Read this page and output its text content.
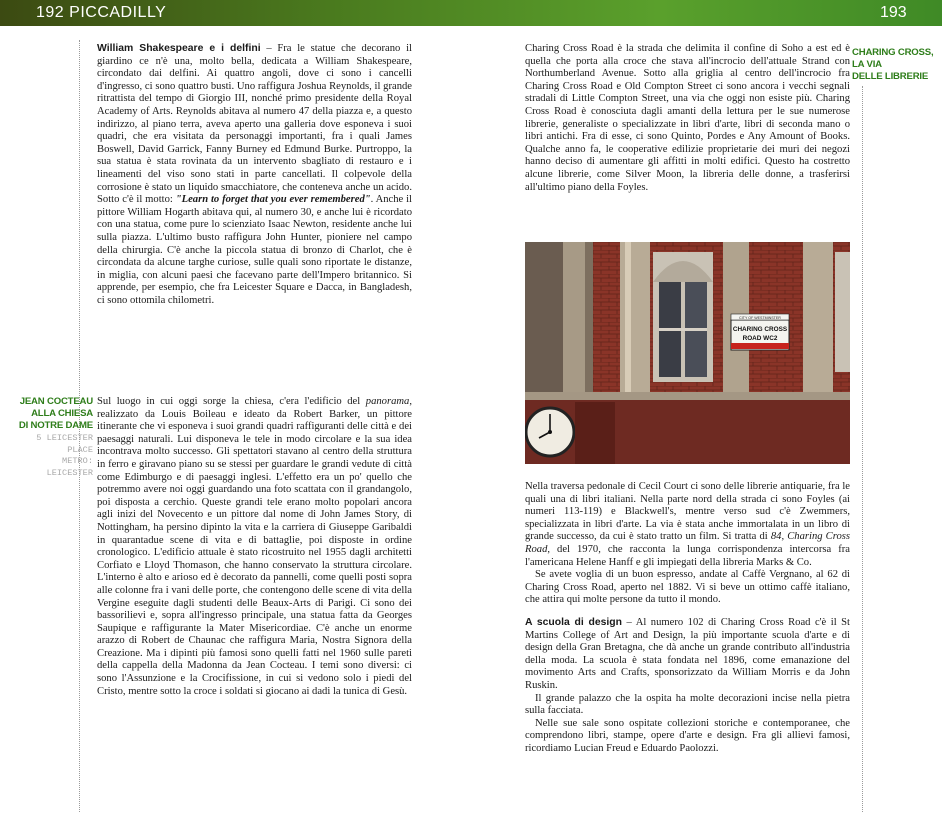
192 PICCADILLY	193

William Shakespeare e i delfini – Fra le statue che decorano il giardino ce n'è una, molto bella, dedicata a William Shakespeare, circondato dai delfini. Ai quattro angoli, dove ci sono i cancelli d'ingresso, ci sono quattro busti. Uno raffigura Joshua Reynolds, il grande ritrattista del tempo di Giorgio III, nonché primo presidente della Royal Academy of Arts. Reynolds abitava al numero 47 della piazza e, a questo indirizzo, al piano terra, aveva aperto una galleria dove esponeva i suoi quadri, che era visitata da personaggi importanti, fra i quali James Boswell, David Garrick, Fanny Burney ed Edmund Burke. Purtroppo, la sua statua è stata rovinata da un intervento sbagliato di restauro e i lineamenti del viso sono stati in parte cancellati. Il colpevole della corrosione è stato un liquido smacchiatore, che conteneva anche un acido. Sotto c'è il motto: "Learn to forget that you ever remembered". Anche il pittore William Hogarth abitava qui, al numero 30, e anche lui è ricordato con una statua, come pure lo scienziato Isaac Newton, residente anche lui sulla piazza. L'ultimo busto raffigura John Hunter, pioniere nel campo della chirurgia. C'è anche la piccola statua di bronzo di Charlot, che è circondata da alcune targhe curiose, sulle quali sono riportate le distanze, in miglia, con alcuni paesi che facevano parte dell'Impero britannico. Si apprende, per esempio, che fra Leicester Square e Dacca, in Bangladesh, ci sono ottomila chilometri.

JEAN COCTEAU
ALLA CHIESA
DI NOTRE DAME
5 LEICESTER
PLACE
METRO:
LEICESTER

Sul luogo in cui oggi sorge la chiesa, c'era l'edificio del panorama, realizzato da Louis Boileau e ideato da Robert Barker, un pittore itinerante che vi esponeva i suoi grandi quadri raffiguranti delle città e dei paesaggi naturali. Lui disponeva le tele in modo circolare e la sua idea incontrava molto successo. Gli spettatori stavano al centro della struttura in ferro e giravano piano su se stessi per guardare le grandi vedute di città come Edimburgo e di paesaggi inglesi. L'effetto era un po' quello che potremmo avere noi oggi guardando una foto scattata con il grandangolo, poi disposta a cerchio. Queste grandi tele erano molto popolari ancora agli inizi del Novecento e un pittore dal nome di John James Story, di Nottingham, ha persino dipinto la vita e la carriera di Giuseppe Garibaldi in quarantadue scene di vita e di battaglie, poi disposte in ordine cronologico. L'edificio attuale è stato ricostruito nel 1955 dagli architetti Corfiato e Lloyd Thomason, che hanno conservato la struttura circolare. L'interno è alto e arioso ed è decorato da pannelli, come quelli posti sopra alle colonne fra i vani delle porte, che contengono delle scene di vita della Vergine eseguite dagli studenti delle Beaux-Arts di Parigi. Ci sono dei bassorilievi e, sopra all'ingresso principale, una statua fatta da Georges Saupique e raffigurante la Mater Misericordiae. C'è anche un enorme arazzo di Robert de Chaunac che raffigura Maria, Nostra Signora della Creazione. Ma i dipinti più famosi sono quelli fatti nel 1960 sulle pareti della cappella della Madonna da Jean Cocteau. I temi sono diversi: ci sono l'Assunzione e la Crocifissione, in cui si vedono solo i piedi del Cristo, mentre sotto la croce i soldati si giocano ai dadi la tunica di Gesù.

Charing Cross Road è la strada che delimita il confine di Soho a est ed è quella che porta alla croce che stava all'incrocio dell'attuale Strand con Northumberland Avenue. Sotto alla griglia al centro dell'incrocio fra Charing Cross Road e Old Compton Street ci sono ancora i vecchi segnali stradali di Little Compton Street, una via che oggi non esiste più. Charing Cross Road è conosciuta dagli amanti della lettura per le sue numerose librerie, generaliste o specializzate in libri d'arte, libri di seconda mano o libri antichi. Fra di esse, ci sono Quinto, Pordes e Any Amount of Books. Qualche anno fa, le cooperative edilizie proprietarie dei muri dei negozi hanno deciso di aumentare gli affitti in molti edifici. Questo ha costretto alcune librerie, come Silver Moon, la libreria delle donne, a trasferirsi all'ultimo piano della Foyles.

CHARING CROSS,
LA VIA
DELLE LIBRERIE
CITY OF WESTMINSTER
CHARING CROSS
ROAD WC2

Nella traversa pedonale di Cecil Court ci sono delle librerie antiquarie, fra le quali una di libri italiani. Nella parte nord della strada ci sono Foyles (ai numeri 113-119) e Blackwell's, mentre verso sud c'è Zwemmers, specializzata in libri d'arte. La via è stata anche immortalata in un libro di grande successo, da cui è stato tratto un film. Si tratta di 84, Charing Cross Road, del 1970, che racconta la lunga corrispondenza intercorsa fra l'americana Helene Hanff e gli impiegati della libreria Marks & Co.

Se avete voglia di un buon espresso, andate al Caffè Vergnano, al 62 di Charing Cross Road, aperto nel 1882. Vi si beve un ottimo caffè italiano, che attira qui molte persone da tutto il mondo.

A scuola di design – Al numero 102 di Charing Cross Road c'è il St Martins College of Art and Design, la più importante scuola d'arte e di design della Gran Bretagna, che dà anche un grande contributo all'industria della moda. La scuola è stata fondata nel 1896, come emanazione del movimento Arts and Crafts, sponsorizzato da William Morris e da John Ruskin.

Il grande palazzo che la ospita ha molte decorazioni incise nella pietra sulla facciata.

Nelle sue sale sono ospitate collezioni storiche e contemporanee, che comprendono libri, stampe, opere d'arte e design. Fra gli allievi famosi, ricordiamo Lucian Freud e Eduardo Paolozzi.
